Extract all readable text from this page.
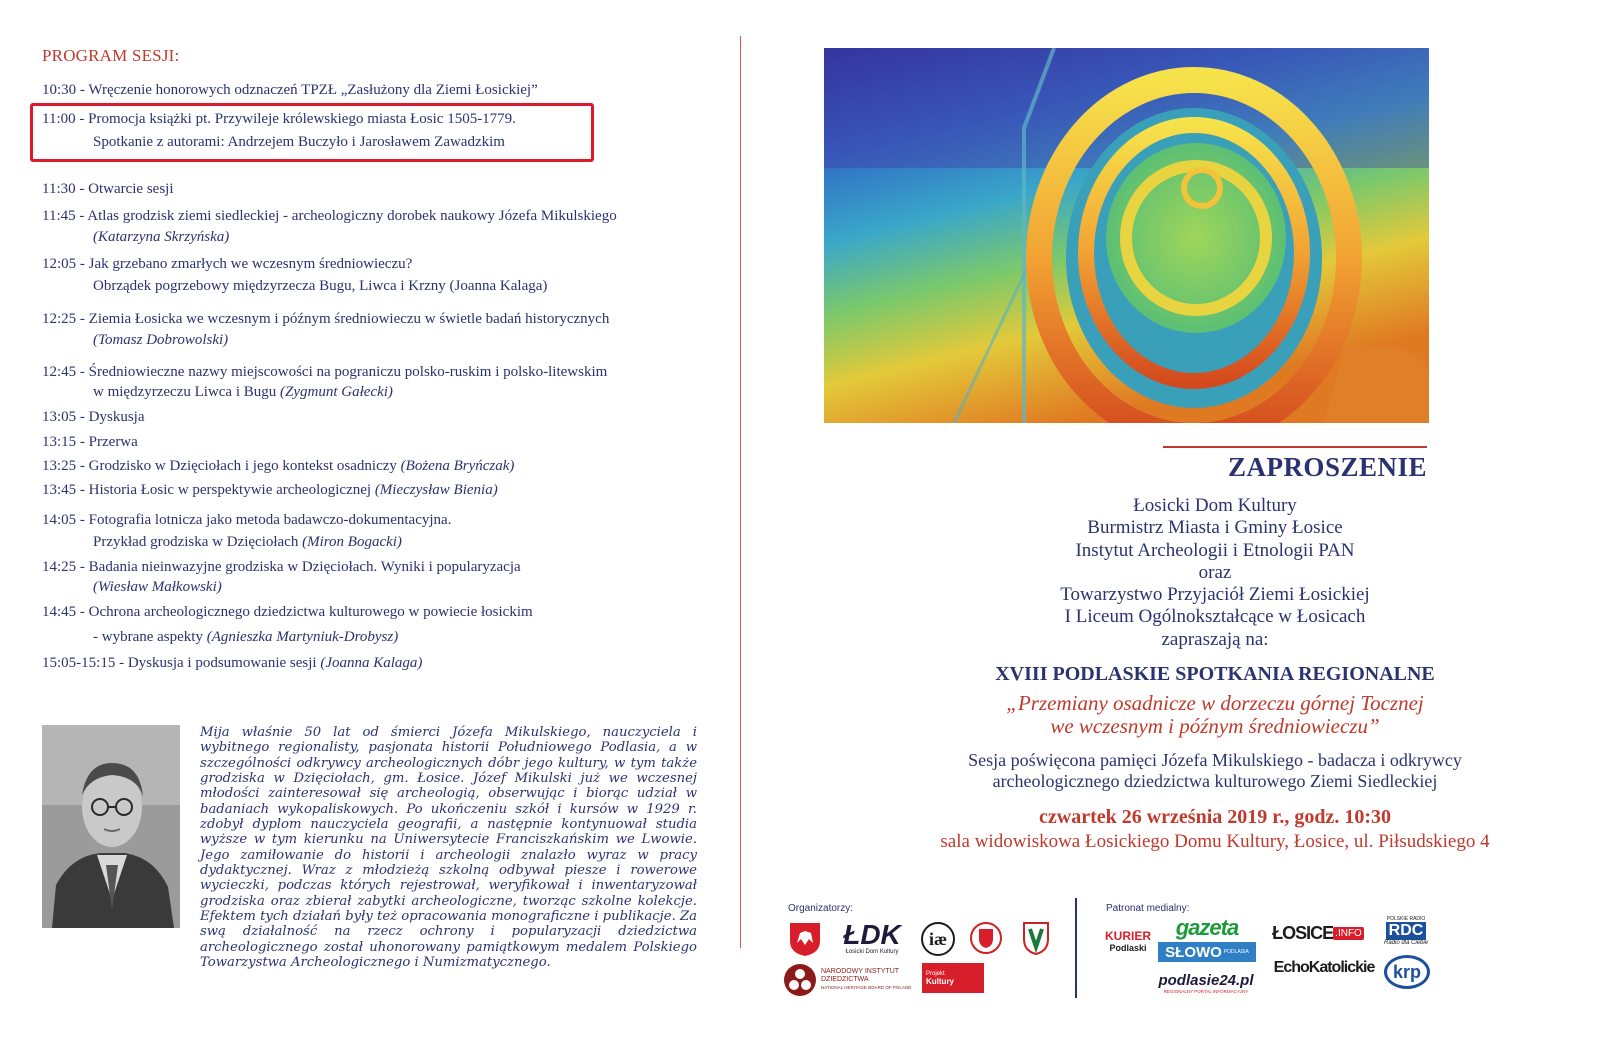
PROGRAM SESJI:
10:30 - Wręczenie honorowych odznaczeń TPZŁ „Zasłużony dla Ziemi Łosickiej”
11:00 - Promocja książki pt. Przywileje królewskiego miasta Łosic 1505-1779.
Spotkanie z autorami: Andrzejem Buczyło i Jarosławem Zawadzkim
11:30 - Otwarcie sesji
11:45 - Atlas grodzisk ziemi siedleckiej - archeologiczny dorobek naukowy Józefa Mikulskiego
(Katarzyna Skrzyńska)
12:05 - Jak grzebano zmarłych we wczesnym średniowieczu?
Obrządek pogrzebowy międzyrzecza Bugu, Liwca i Krzny (Joanna Kalaga)
12:25 - Ziemia Łosicka we wczesnym i późnym średniowieczu w świetle badań historycznych
(Tomasz Dobrowolski)
12:45 - Średniowieczne nazwy miejscowości na pograniczu polsko-ruskim i polsko-litewskim
w międzyrzeczu Liwca i Bugu (Zygmunt Gałecki)
13:05 - Dyskusja
13:15 - Przerwa
13:25 - Grodzisko w Dzięciołach i jego kontekst osadniczy (Bożena Bryńczak)
13:45 - Historia Łosic w perspektywie archeologicznej (Mieczysław Bienia)
14:05 - Fotografia lotnicza jako metoda badawczo-dokumentacyjna.
Przykład grodziska w Dzięciołach (Miron Bogacki)
14:25 - Badania nieinwazyjne grodziska w Dzięciołach. Wyniki i popularyzacja
(Wiesław Małkowski)
14:45 - Ochrona archeologicznego dziedzictwa kulturowego w powiecie łosickim
- wybrane aspekty (Agnieszka Martyniuk-Drobysz)
15:05-15:15 - Dyskusja i podsumowanie sesji (Joanna Kalaga)
Mija właśnie 50 lat od śmierci Józefa Mikulskiego, nauczyciela i wybitnego regionalisty, pasjonata historii Południowego Podlasia, a w szczególności odkrywcy archeologicznych dóbr jego kultury, w tym także grodziska w Dzięciołach, gm. Łosice. Józef Mikulski już we wczesnej młodości zainteresował się archeologią, obserwując i biorąc udział w badaniach wykopaliskowych. Po ukończeniu szkół i kursów w 1929 r. zdobył dyplom nauczyciela geografii, a następnie kontynuował studia wyższe w tym kierunku na Uniwersytecie Franciszkańskim we Lwowie. Jego zamiłowanie do historii i archeologii znalazło wyraz w pracy dydaktycznej. Wraz z młodzieżą szkolną odbywał piesze i rowerowe wycieczki, podczas których rejestrował, weryfikował i inwentaryzował grodziska oraz zbierał zabytki archeologiczne, tworząc szkolne kolekcje. Efektem tych działań były też opracowania monograficzne i publikacje. Za swą działalność na rzecz ochrony i popularyzacji dziedzictwa archeologicznego został uhonorowany pamiątkowym medalem Polskiego Towarzystwa Archeologicznego i Numizmatycznego.
ZAPROSZENIE
Łosicki Dom Kultury
Burmistrz Miasta i Gminy Łosice
Instytut Archeologii i Etnologii PAN
oraz
Towarzystwo Przyjaciół Ziemi Łosickiej
I Liceum Ogólnokształcące w Łosicach
zapraszają na:
XVIII PODLASKIE SPOTKANIA REGIONALNE
„Przemiany osadnicze w dorzeczu górnej Tocznej
we wczesnym i późnym średniowieczu”
Sesja poświęcona pamięci Józefa Mikulskiego - badacza i odkrywcy
archeologicznego dziedzictwa kulturowego Ziemi Siedleckiej
czwartek 26 września 2019 r., godz. 10:30
sala widowiskowa Łosickiego Domu Kultury, Łosice, ul. Piłsudskiego 4
Organizatorzy:	Patronat medialny:
ŁDK
Łosicki Dom Kultury
iæ
NARODOWY INSTYTUT
DZIEDZICTWA
NATIONAL HERITAGE BOARD OF POLAND
Projekt
Kultury
KURIER
Podlaski
gazeta
SŁOWO PODLASIA
ŁOSICE .INFO
EchoKatolickie
podlasie24.pl
REGIONALNY PORTAL INFORMACYJNY
POLSKIE RADIO
RDC
Radio dla Ciebie
krp
